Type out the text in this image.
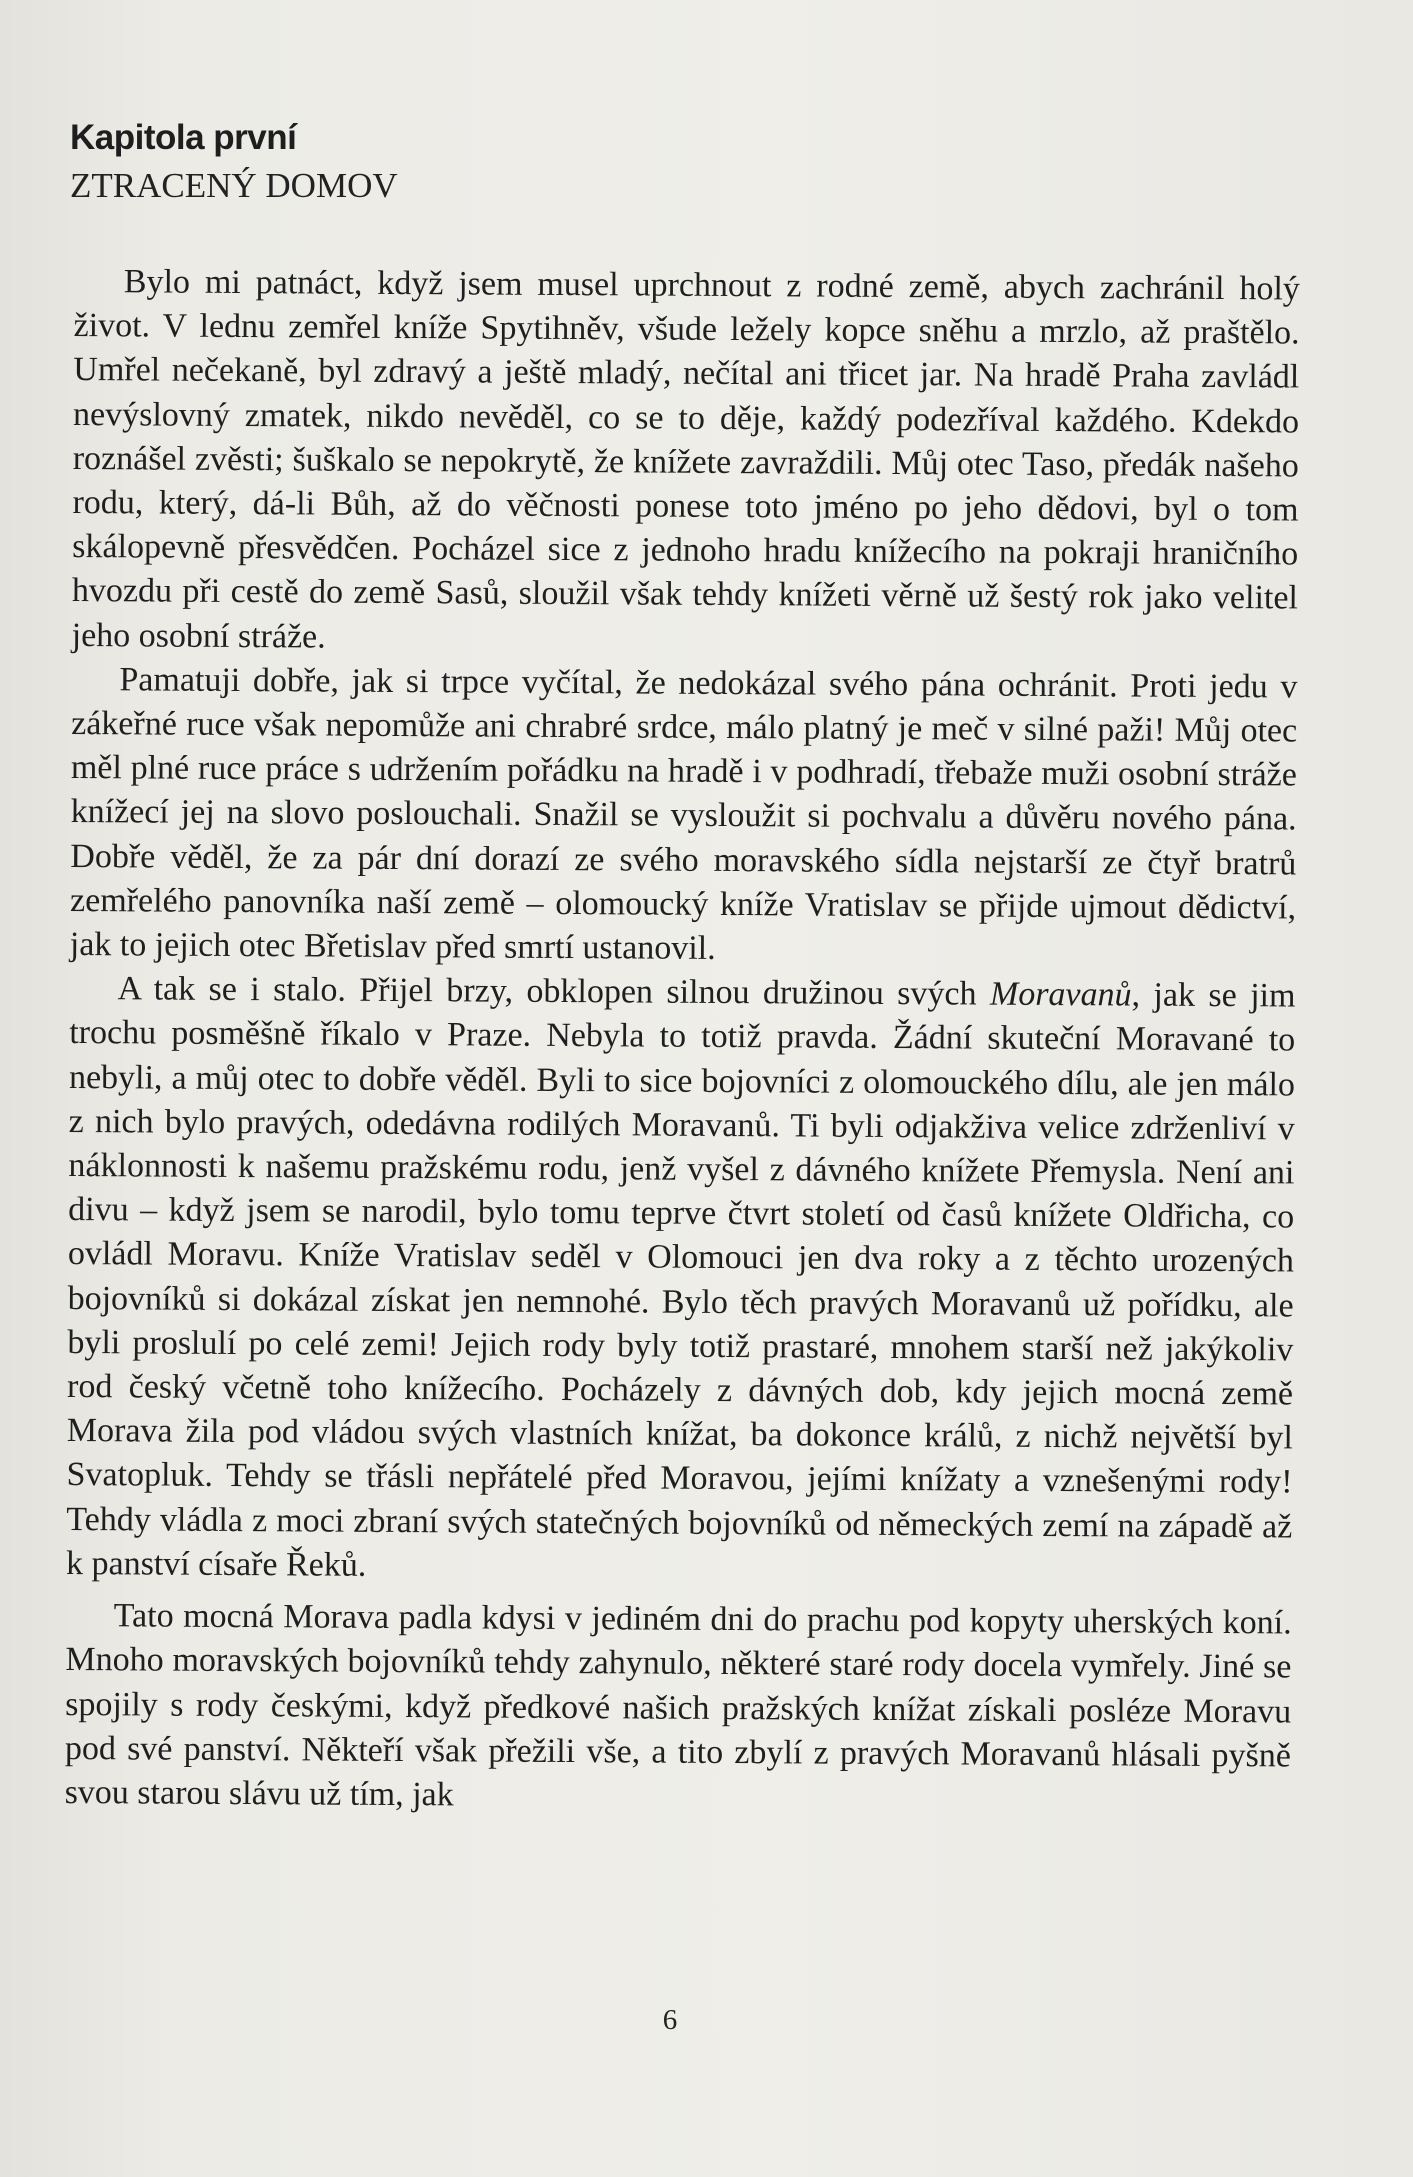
Kapitola první
ZTRACENÝ DOMOV

Bylo mi patnáct, když jsem musel uprchnout z rodné země, abych zachránil holý život. V lednu zemřel kníže Spytihněv, všude ležely kopce sněhu a mrzlo, až praštělo. Umřel nečekaně, byl zdravý a ještě mladý, nečítal ani třicet jar. Na hradě Praha zavládl nevýslovný zmatek, nikdo nevěděl, co se to děje, každý podezříval každého. Kdekdo roznášel zvěsti; šuškalo se nepokrytě, že knížete zavraždili. Můj otec Taso, předák našeho rodu, který, dá-li Bůh, až do věčnosti ponese toto jméno po jeho dědovi, byl o tom skálopevně přesvědčen. Pocházel sice z jednoho hradu knížecího na pokraji hraničního hvozdu při cestě do země Sasů, sloužil však tehdy knížeti věrně už šestý rok jako velitel jeho osobní stráže.

Pamatuji dobře, jak si trpce vyčítal, že nedokázal svého pána ochránit. Proti jedu v zákeřné ruce však nepomůže ani chrabré srdce, málo platný je meč v silné paži! Můj otec měl plné ruce práce s udržením pořádku na hradě i v podhradí, třebaže muži osobní stráže knížecí jej na slovo poslouchali. Snažil se vysloužit si pochvalu a důvěru nového pána. Dobře věděl, že za pár dní dorazí ze svého moravského sídla nejstarší ze čtyř bratrů zemřelého panovníka naší země – olomoucký kníže Vratislav se přijde ujmout dědictví, jak to jejich otec Břetislav před smrtí ustanovil.

A tak se i stalo. Přijel brzy, obklopen silnou družinou svých Moravanů, jak se jim trochu posměšně říkalo v Praze. Nebyla to totiž pravda. Žádní skuteční Moravané to nebyli, a můj otec to dobře věděl. Byli to sice bojovníci z olomouckého dílu, ale jen málo z nich bylo pravých, odedávna rodilých Moravanů. Ti byli odjakživa velice zdrženliví v náklonnosti k našemu pražskému rodu, jenž vyšel z dávného knížete Přemysla. Není ani divu – když jsem se narodil, bylo tomu teprve čtvrt století od časů knížete Oldřicha, co ovládl Moravu. Kníže Vratislav seděl v Olomouci jen dva roky a z těchto urozených bojovníků si dokázal získat jen nemnohé. Bylo těch pravých Moravanů už pořídku, ale byli proslulí po celé zemi! Jejich rody byly totiž prastaré, mnohem starší než jakýkoliv rod český včetně toho knížecího. Pocházely z dávných dob, kdy jejich mocná země Morava žila pod vládou svých vlastních knížat, ba dokonce králů, z nichž největší byl Svatopluk. Tehdy se třásli nepřátelé před Moravou, jejími knížaty a vznešenými rody! Tehdy vládla z moci zbraní svých statečných bojovníků od německých zemí na západě až k panství císaře Řeků.

Tato mocná Morava padla kdysi v jediném dni do prachu pod kopyty uherských koní. Mnoho moravských bojovníků tehdy zahynulo, některé staré rody docela vymřely. Jiné se spojily s rody českými, když předkové našich pražských knížat získali posléze Moravu pod své panství. Někteří však přežili vše, a tito zbylí z pravých Moravanů hlásali pyšně svou starou slávu už tím, jak

6
